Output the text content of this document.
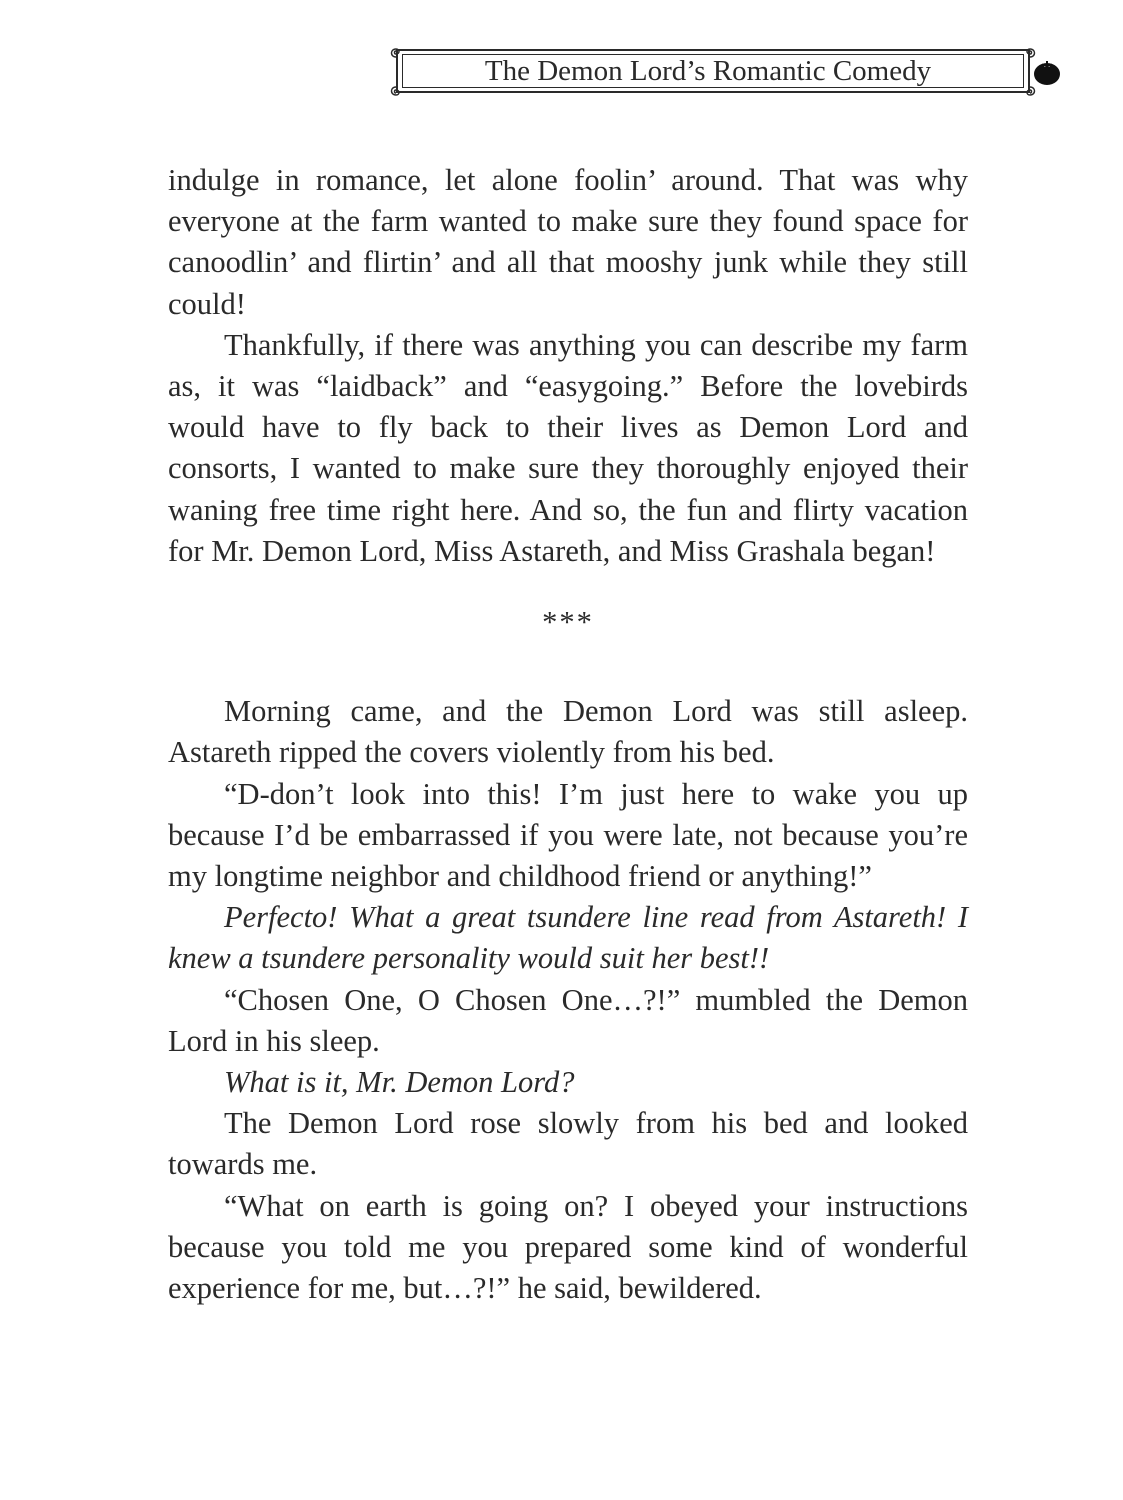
The Demon Lord’s Romantic Comedy

indulge in romance, let alone foolin’ around. That was why everyone at the farm wanted to make sure they found space for canoodlin’ and flirtin’ and all that mooshy junk while they still could!

Thankfully, if there was anything you can describe my farm as, it was “laidback” and “easygoing.” Before the lovebirds would have to fly back to their lives as Demon Lord and consorts, I wanted to make sure they thoroughly enjoyed their waning free time right here. And so, the fun and flirty vacation for Mr. Demon Lord, Miss Astareth, and Miss Grashala began!

***

Morning came, and the Demon Lord was still asleep. Astareth ripped the covers violently from his bed.

“D-don’t look into this! I’m just here to wake you up because I’d be embarrassed if you were late, not because you’re my longtime neighbor and childhood friend or anything!”

Perfecto! What a great tsundere line read from Astareth! I knew a tsundere personality would suit her best!!

“Chosen One, O Chosen One…?!” mumbled the Demon Lord in his sleep.

What is it, Mr. Demon Lord?

The Demon Lord rose slowly from his bed and looked towards me.

“What on earth is going on? I obeyed your instructions because you told me you prepared some kind of wonderful experience for me, but…?!” he said, bewildered.
